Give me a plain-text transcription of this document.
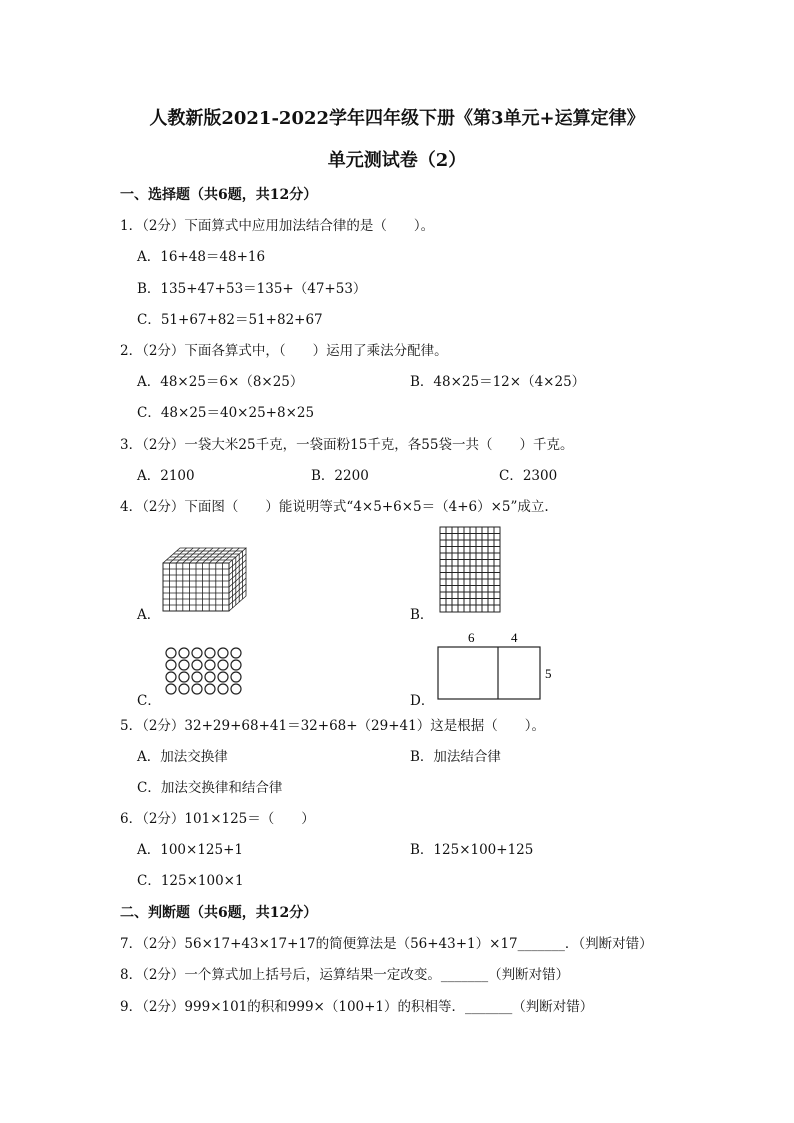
人教新版2021-2022学年四年级下册《第3单元+运算定律》
单元测试卷（2）
一、选择题（共6题，共12分）
1．（2分）下面算式中应用加法结合律的是（　　）。
A．16+48＝48+16
B．135+47+53＝135+（47+53）
C．51+67+82＝51+82+67
2．（2分）下面各算式中，（　　）运用了乘法分配律。
A．48×25＝6×（8×25）	B．48×25＝12×（4×25）
C．48×25＝40×25+8×25
3．（2分）一袋大米25千克，一袋面粉15千克，各55袋一共（　　）千克。
A．2100	B．2200	C．2300
4．（2分）下面图（　　）能说明等式“4×5+6×5＝（4+6）×5”成立.
A．	B．
C．	D．
6	4
5
5．（2分）32+29+68+41＝32+68+（29+41）这是根据（　　）。
A．加法交换律	B．加法结合律
C．加法交换律和结合律
6．（2分）101×125＝（　　）
A．100×125+1	B．125×100+125
C．125×100×1
二、判断题（共6题，共12分）
7．（2分）56×17+43×17+17的简便算法是（56+43+1）×17_______．（判断对错）
8．（2分）一个算式加上括号后，运算结果一定改变。_______（判断对错）
9．（2分）999×101的积和999×（100+1）的积相等．_______（判断对错）
